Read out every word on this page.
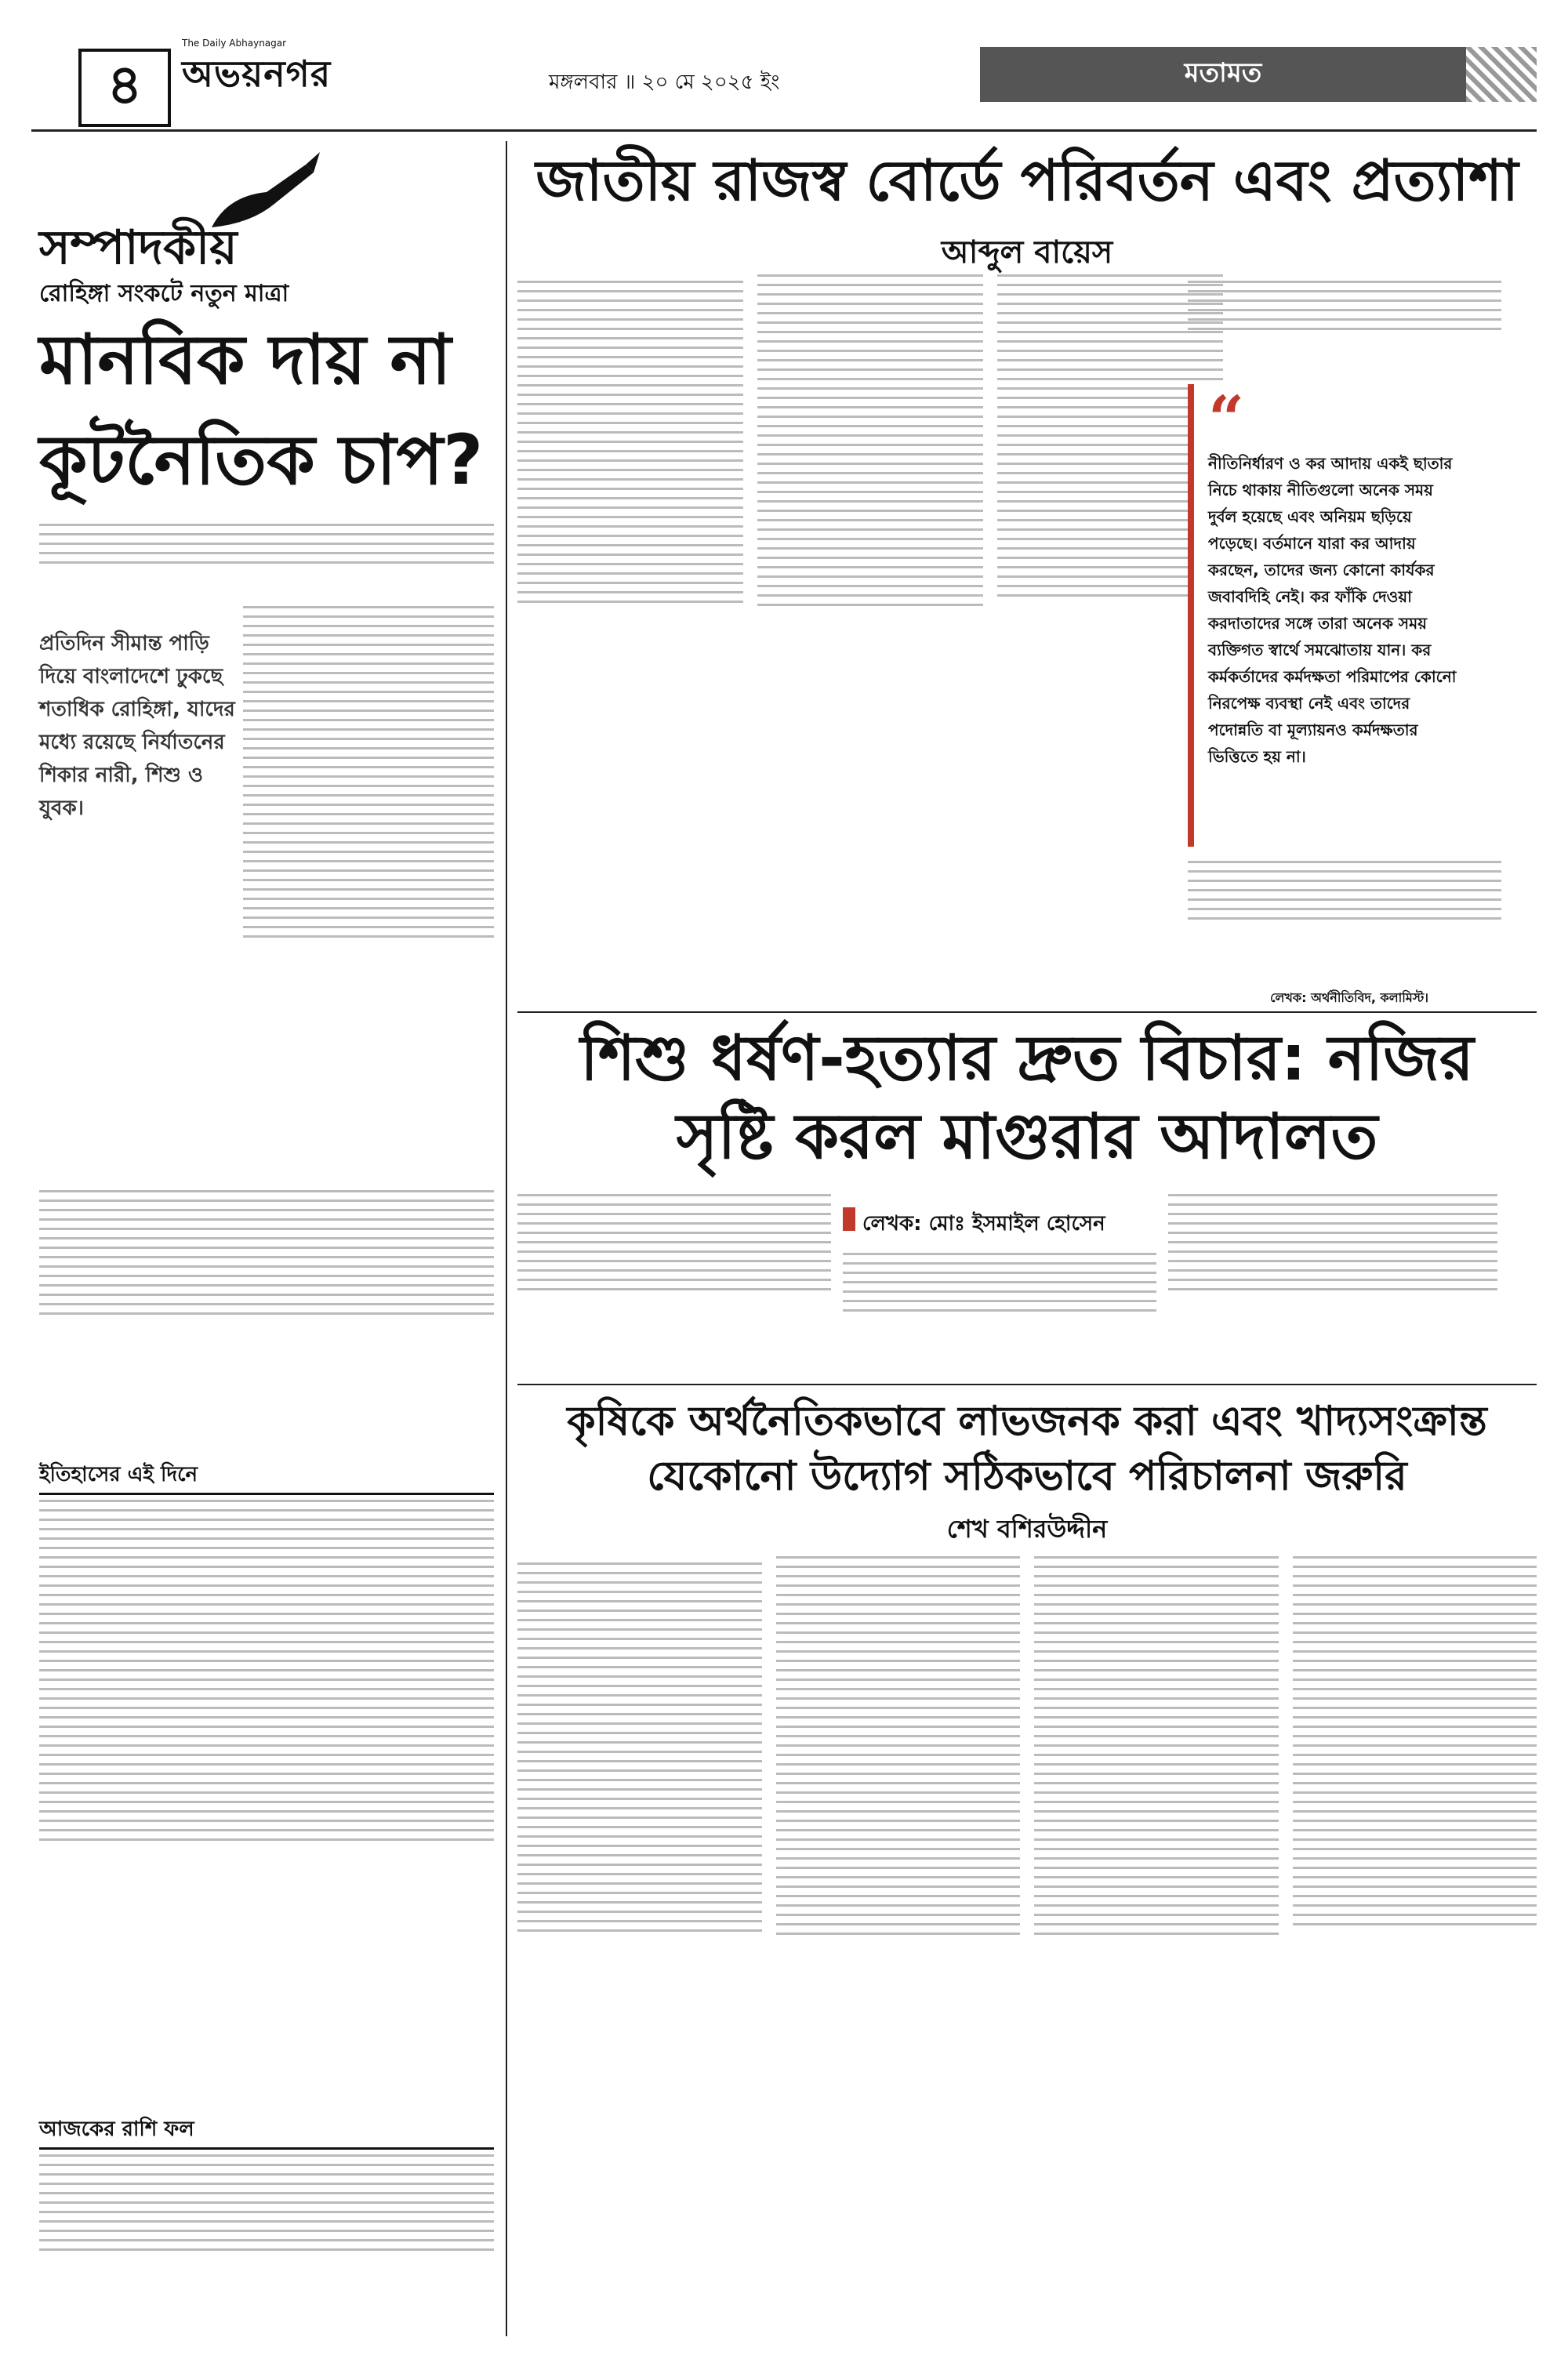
৪
The Daily Abhaynagar
অভয়নগর	মঙ্গলবার ॥ ২০ মে ২০২৫ ইং	মতামত
সম্পাদকীয়
রোহিঙ্গা সংকটে নতুন মাত্রা
মানবিক দায় না কূটনৈতিক চাপ?
প্রতিদিন সীমান্ত পাড়ি দিয়ে বাংলাদেশে ঢুকছে শতাধিক রোহিঙ্গা, যাদের মধ্যে রয়েছে নির্যাতনের শিকার নারী, শিশু ও যুবক।
ইতিহাসের এই দিনে
আজকের রাশি ফল
জাতীয় রাজস্ব বোর্ডে পরিবর্তন এবং প্রত্যাশা
আব্দুল বায়েস
“
নীতিনির্ধারণ ও কর আদায় একই ছাতার নিচে থাকায় নীতিগুলো অনেক সময় দুর্বল হয়েছে এবং অনিয়ম ছড়িয়ে পড়েছে। বর্তমানে যারা কর আদায় করছেন, তাদের জন্য কোনো কার্যকর জবাবদিহি নেই। কর ফাঁকি দেওয়া করদাতাদের সঙ্গে তারা অনেক সময় ব্যক্তিগত স্বার্থে সমঝোতায় যান। কর কর্মকর্তাদের কর্মদক্ষতা পরিমাপের কোনো নিরপেক্ষ ব্যবস্থা নেই এবং তাদের পদোন্নতি বা মূল্যায়নও কর্মদক্ষতার ভিত্তিতে হয় না।
লেখক: অর্থনীতিবিদ, কলামিস্ট।
শিশু ধর্ষণ-হত্যার দ্রুত বিচার: নজির
সৃষ্টি করল মাগুরার আদালত
লেখক: মোঃ ইসমাইল হোসেন
কৃষিকে অর্থনৈতিকভাবে লাভজনক করা এবং খাদ্যসংক্রান্ত
যেকোনো উদ্যোগ সঠিকভাবে পরিচালনা জরুরি
শেখ বশিরউদ্দীন
